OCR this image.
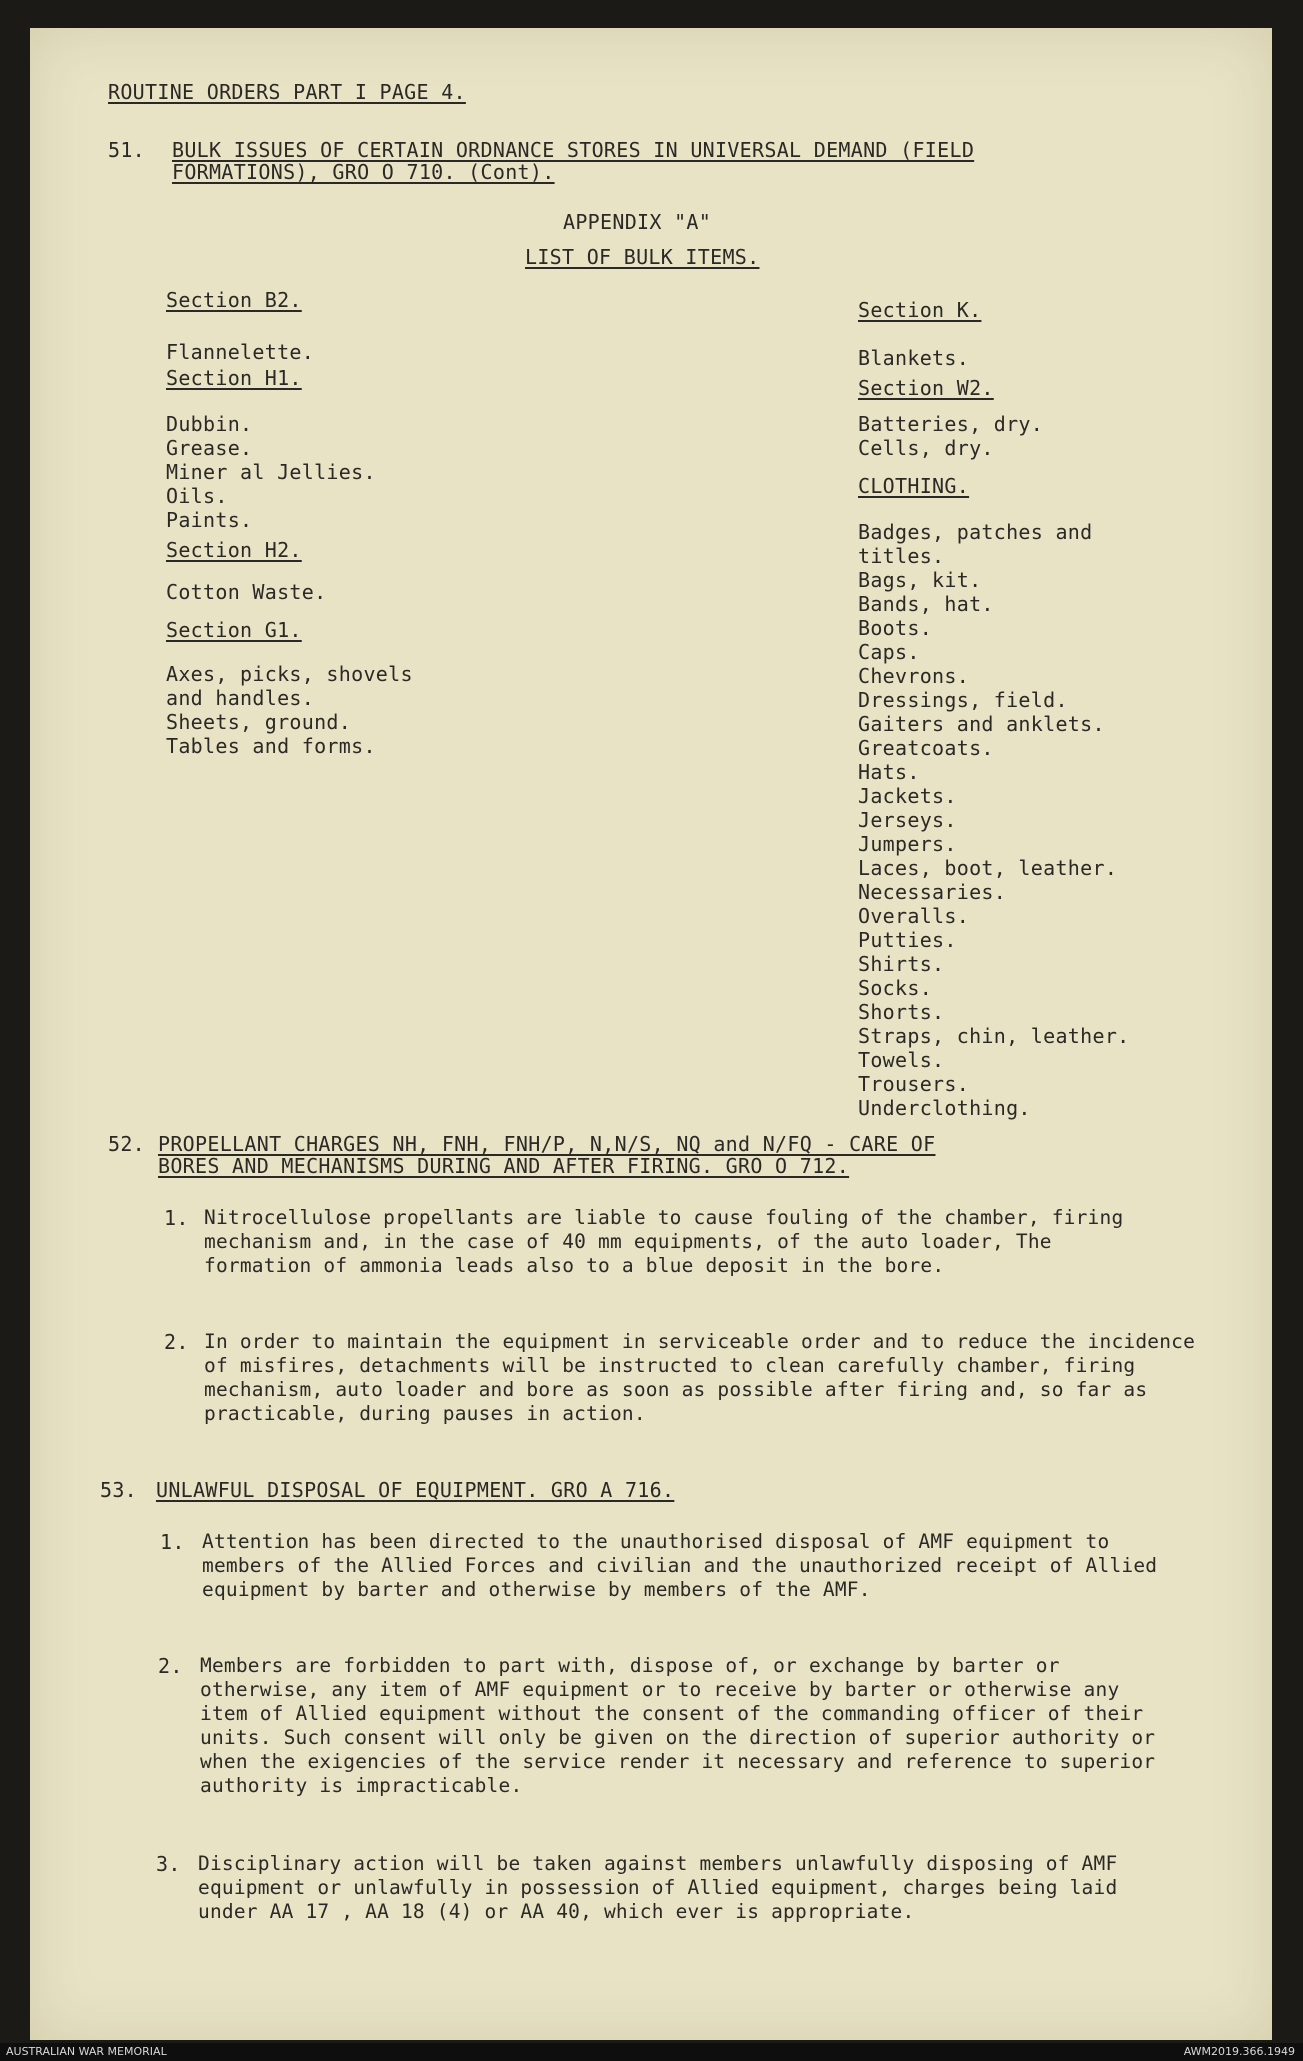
ROUTINE ORDERS PART I PAGE 4.
51. BULK ISSUES OF CERTAIN ORDNANCE STORES IN UNIVERSAL DEMAND (FIELD
FORMATIONS), GRO O 710. (Cont).
APPENDIX "A"
LIST OF BULK ITEMS.
Section B2.
Flannelette.
Section H1.
Dubbin.
Grease.
Miner al Jellies.
Oils.
Paints.
Section H2.
Cotton Waste.
Section G1.
Axes, picks, shovels
and handles.
Sheets, ground.
Tables and forms.
Section K.
Blankets.
Section W2.
Batteries, dry.
Cells, dry.
CLOTHING.
Badges, patches and
titles.
Bags, kit.
Bands, hat.
Boots.
Caps.
Chevrons.
Dressings, field.
Gaiters and anklets.
Greatcoats.
Hats.
Jackets.
Jerseys.
Jumpers.
Laces, boot, leather.
Necessaries.
Overalls.
Putties.
Shirts.
Socks.
Shorts.
Straps, chin, leather.
Towels.
Trousers.
Underclothing.
52. PROPELLANT CHARGES NH, FNH, FNH/P, N,N/S, NQ and N/FQ - CARE OF
BORES AND MECHANISMS DURING AND AFTER FIRING. GRO O 712.
1. Nitrocellulose propellants are liable to cause fouling of the chamber, firing mechanism and, in the case of 40 mm equipments, of the auto loader, The formation of ammonia leads also to a blue deposit in the bore.
2. In order to maintain the equipment in serviceable order and to reduce the incidence of misfires, detachments will be instructed to clean carefully chamber, firing mechanism, auto loader and bore as soon as possible after firing and, so far as practicable, during pauses in action.
53. UNLAWFUL DISPOSAL OF EQUIPMENT. GRO A 716.
1. Attention has been directed to the unauthorised disposal of AMF equipment to members of the Allied Forces and civilian and the unauthorized receipt of Allied equipment by barter and otherwise by members of the AMF.
2. Members are forbidden to part with, dispose of, or exchange by barter or otherwise, any item of AMF equipment or to receive by barter or otherwise any item of Allied equipment without the consent of the commanding officer of their units. Such consent will only be given on the direction of superior authority or when the exigencies of the service render it necessary and reference to superior authority is impracticable.
3. Disciplinary action will be taken against members unlawfully disposing of AMF equipment or unlawfully in possession of Allied equipment, charges being laid under AA 17 , AA 18 (4) or AA 40, which ever is appropriate.
AUSTRALIAN WAR MEMORIAL	AWM2019.366.1949
